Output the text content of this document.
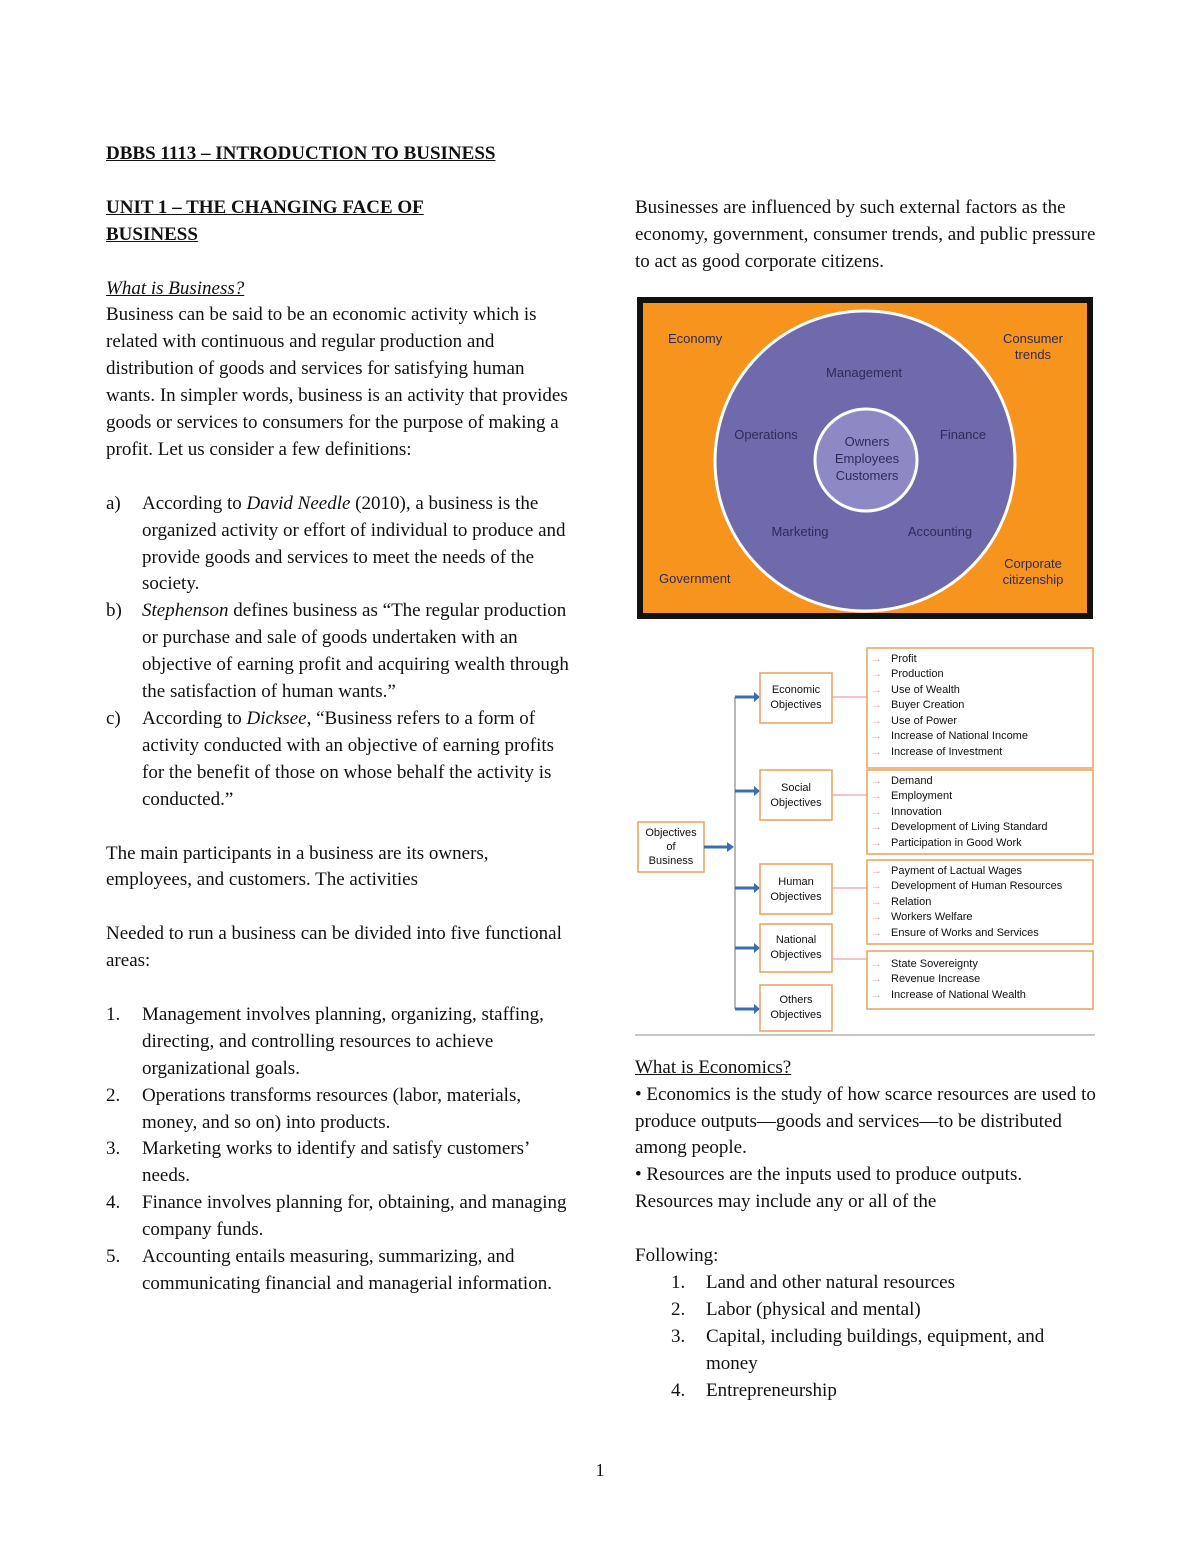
DBBS 1113 – INTRODUCTION TO BUSINESS
UNIT 1 – THE CHANGING FACE OF BUSINESS
What is Business?
Business can be said to be an economic activity which is related with continuous and regular production and distribution of goods and services for satisfying human wants. In simpler words, business is an activity that provides goods or services to consumers for the purpose of making a profit. Let us consider a few definitions:
a) According to David Needle (2010), a business is the organized activity or effort of individual to produce and provide goods and services to meet the needs of the society.
b) Stephenson defines business as “The regular production or purchase and sale of goods undertaken with an objective of earning profit and acquiring wealth through the satisfaction of human wants.”
c) According to Dicksee, “Business refers to a form of activity conducted with an objective of earning profits for the benefit of those on whose behalf the activity is conducted.”
The main participants in a business are its owners, employees, and customers. The activities
Needed to run a business can be divided into five functional areas:
1. Management involves planning, organizing, staffing, directing, and controlling resources to achieve organizational goals.
2. Operations transforms resources (labor, materials, money, and so on) into products.
3. Marketing works to identify and satisfy customers’ needs.
4. Finance involves planning for, obtaining, and managing company funds.
5. Accounting entails measuring, summarizing, and communicating financial and managerial information.
Businesses are influenced by such external factors as the economy, government, consumer trends, and public pressure to act as good corporate citizens.
Economy	Consumer
trends
Government
Corporate
citizenship
Management
Operations	Finance
Marketing	Accounting
Owners
Employees
Customers
Objectives
of
Business
Economic
Objectives
→ Profit
→ Production
→ Use of Wealth
→ Buyer Creation
→ Use of Power
→ Increase of National Income
→ Increase of Investment
Social
Objectives
→ Demand
→ Employment
→ Innovation
→ Development of Living Standard
→ Participation in Good Work
Human
Objectives
→ Payment of Lactual Wages
→ Development of Human Resources
→ Relation
→ Workers Welfare
→ Ensure of Works and Services
National
Objectives
→ State Sovereignty
→ Revenue Increase
→ Increase of National Wealth
Others
Objectives
What is Economics?
• Economics is the study of how scarce resources are used to produce outputs—goods and services—to be distributed among people.
• Resources are the inputs used to produce outputs. Resources may include any or all of the
Following:
1. Land and other natural resources
2. Labor (physical and mental)
3. Capital, including buildings, equipment, and money
4. Entrepreneurship
1
